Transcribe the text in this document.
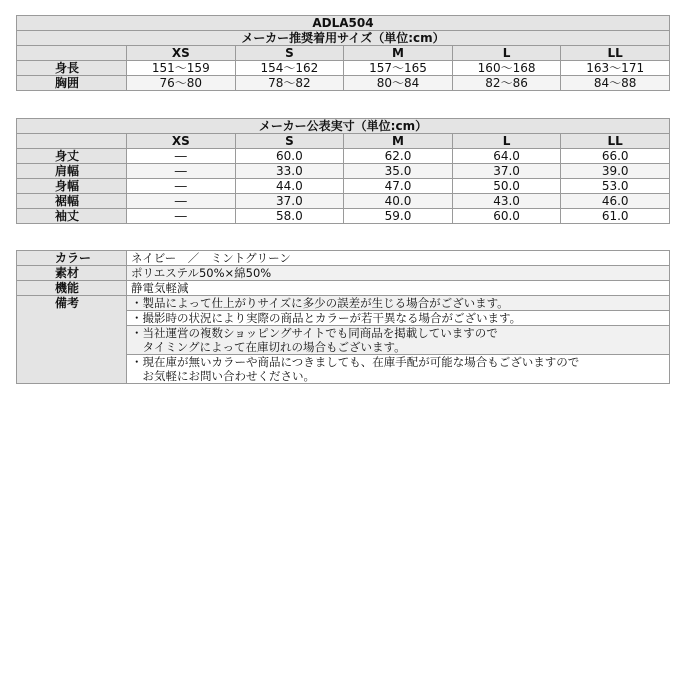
ADLA504					
メーカー推奨着用サイズ（単位:cm）					
	XS	S	M	L	LL
身長	151～159	154～162	157～165	160～168	163～171
胸囲	76～80	78～82	80～84	82～86	84～88
メーカー公表実寸（単位:cm）					
	XS	S	M	L	LL
身丈	―	60.0	62.0	64.0	66.0
肩幅	―	33.0	35.0	37.0	39.0
身幅	―	44.0	47.0	50.0	53.0
裾幅	―	37.0	40.0	43.0	46.0
袖丈	―	58.0	59.0	60.0	61.0
カラー	ネイビー　／　ミントグリーン
素材	ポリエステル50%×綿50%
機能	静電気軽減
備考	・製品によって仕上がりサイズに多少の誤差が生じる場合がございます。
	・撮影時の状況により実際の商品とカラーが若干異なる場合がございます。
	・当社運営の複数ショッピングサイトでも同商品を掲載していますので
　タイミングによって在庫切れの場合もございます。
	・現在庫が無いカラーや商品につきましても、在庫手配が可能な場合もございますので
　お気軽にお問い合わせください。
